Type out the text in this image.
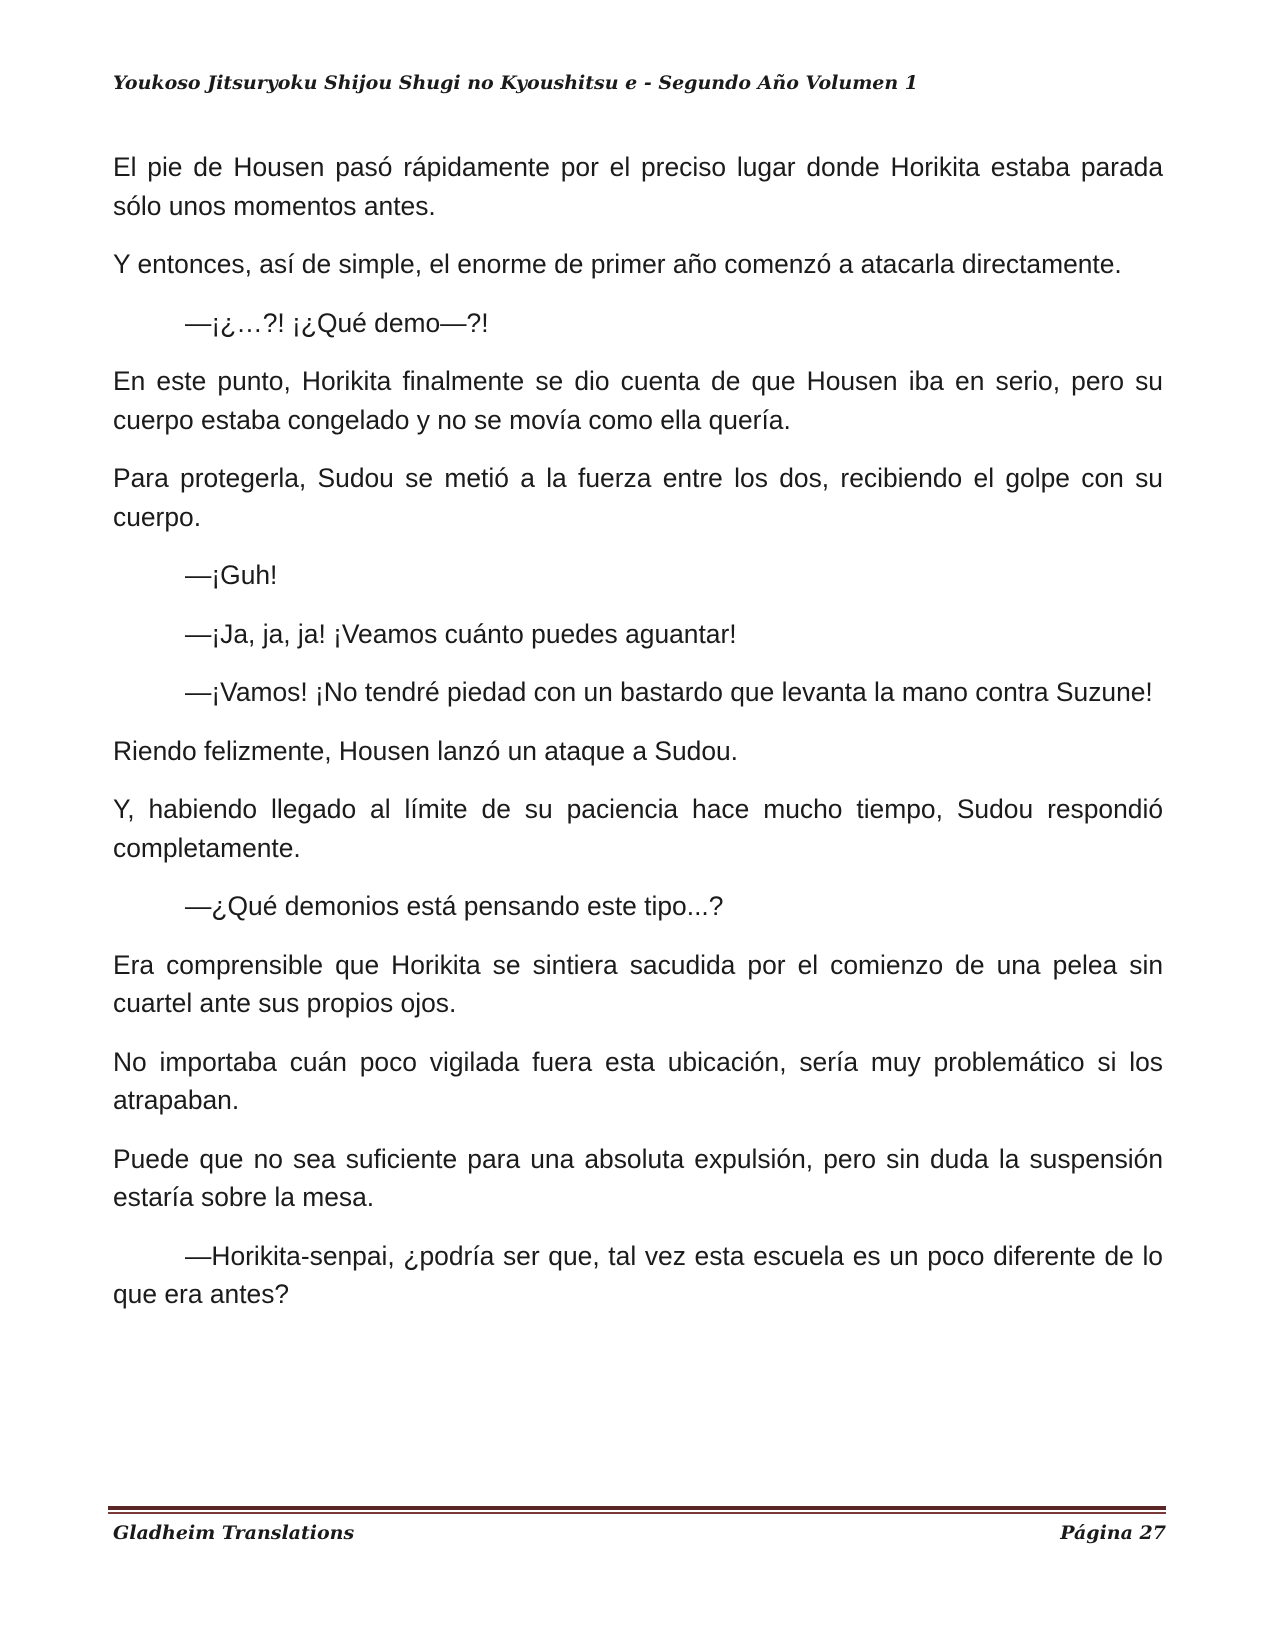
Youkoso Jitsuryoku Shijou Shugi no Kyoushitsu e - Segundo Año Volumen 1

El pie de Housen pasó rápidamente por el preciso lugar donde Horikita estaba parada sólo unos momentos antes.

Y entonces, así de simple, el enorme de primer año comenzó a atacarla directamente.

—¡¿…?! ¡¿Qué demo—?!

En este punto, Horikita finalmente se dio cuenta de que Housen iba en serio, pero su cuerpo estaba congelado y no se movía como ella quería.

Para protegerla, Sudou se metió a la fuerza entre los dos, recibiendo el golpe con su cuerpo.

—¡Guh!

—¡Ja, ja, ja! ¡Veamos cuánto puedes aguantar!

—¡Vamos! ¡No tendré piedad con un bastardo que levanta la mano contra Suzune!

Riendo felizmente, Housen lanzó un ataque a Sudou.

Y, habiendo llegado al límite de su paciencia hace mucho tiempo, Sudou respondió completamente.

—¿Qué demonios está pensando este tipo...?

Era comprensible que Horikita se sintiera sacudida por el comienzo de una pelea sin cuartel ante sus propios ojos.

No importaba cuán poco vigilada fuera esta ubicación, sería muy problemático si los atrapaban.

Puede que no sea suficiente para una absoluta expulsión, pero sin duda la suspensión estaría sobre la mesa.

—Horikita-senpai, ¿podría ser que, tal vez esta escuela es un poco diferente de lo que era antes?

Gladheim Translations	Página 27
